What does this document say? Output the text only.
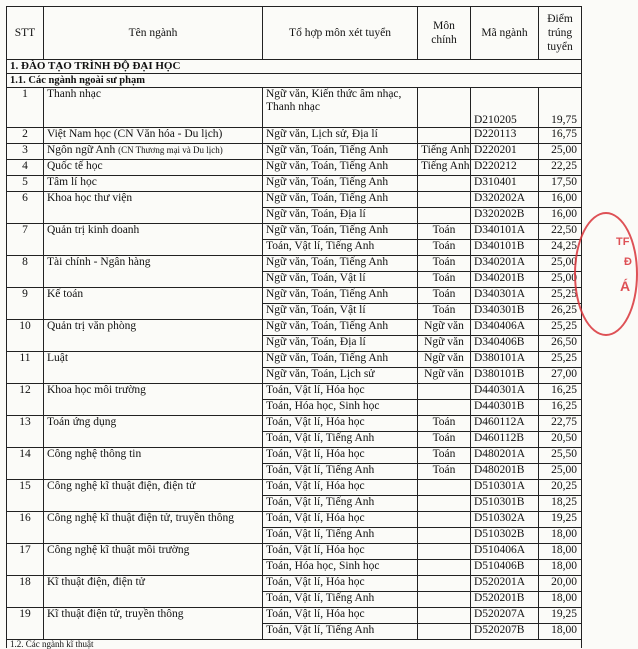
STT	Tên ngành	Tổ hợp môn xét tuyển	Môn chính	Mã ngành	Điểm trúng tuyển
1. ĐÀO TẠO TRÌNH ĐỘ ĐẠI HỌC					
1.1. Các ngành ngoài sư phạm					
1	Thanh nhạc	Ngữ văn, Kiến thức âm nhạc, Thanh nhạc		D210205	19,75
2	Việt Nam học (CN Văn hóa - Du lịch)	Ngữ văn, Lịch sử, Địa lí		D220113	16,75
3	Ngôn ngữ Anh (CN Thương mại và Du lịch)	Ngữ văn, Toán, Tiếng Anh	Tiếng Anh	D220201	25,00
4	Quốc tế học	Ngữ văn, Toán, Tiếng Anh	Tiếng Anh	D220212	22,25
5	Tâm lí học	Ngữ văn, Toán, Tiếng Anh		D310401	17,50
6	Khoa học thư viện	Ngữ văn, Toán, Tiếng Anh		D320202A	16,00
		Ngữ văn, Toán, Địa lí		D320202B	16,00
7	Quản trị kinh doanh	Ngữ văn, Toán, Tiếng Anh	Toán	D340101A	22,50
		Toán, Vật lí, Tiếng Anh	Toán	D340101B	24,25
8	Tài chính - Ngân hàng	Ngữ văn, Toán, Tiếng Anh	Toán	D340201A	25,00
		Ngữ văn, Toán, Vật lí	Toán	D340201B	25,00
9	Kế toán	Ngữ văn, Toán, Tiếng Anh	Toán	D340301A	25,25
		Ngữ văn, Toán, Vật lí	Toán	D340301B	26,25
10	Quản trị văn phòng	Ngữ văn, Toán, Tiếng Anh	Ngữ văn	D340406A	25,25
		Ngữ văn, Toán, Địa lí	Ngữ văn	D340406B	26,50
11	Luật	Ngữ văn, Toán, Tiếng Anh	Ngữ văn	D380101A	25,25
		Ngữ văn, Toán, Lịch sử	Ngữ văn	D380101B	27,00
12	Khoa học môi trường	Toán, Vật lí, Hóa học		D440301A	16,25
		Toán, Hóa học, Sinh học		D440301B	16,25
13	Toán ứng dụng	Toán, Vật lí, Hóa học	Toán	D460112A	22,75
		Toán, Vật lí, Tiếng Anh	Toán	D460112B	20,50
14	Công nghệ thông tin	Toán, Vật lí, Hóa học	Toán	D480201A	25,50
		Toán, Vật lí, Tiếng Anh	Toán	D480201B	25,00
15	Công nghệ kĩ thuật điện, điện tử	Toán, Vật lí, Hóa học		D510301A	20,25
		Toán, Vật lí, Tiếng Anh		D510301B	18,25
16	Công nghệ kĩ thuật điện tử, truyền thông	Toán, Vật lí, Hóa học		D510302A	19,25
		Toán, Vật lí, Tiếng Anh		D510302B	18,00
17	Công nghệ kĩ thuật môi trường	Toán, Vật lí, Hóa học		D510406A	18,00
		Toán, Hóa học, Sinh học		D510406B	18,00
18	Kĩ thuật điện, điện tử	Toán, Vật lí, Hóa học		D520201A	20,00
		Toán, Vật lí, Tiếng Anh		D520201B	18,00
19	Kĩ thuật điện tử, truyền thông	Toán, Vật lí, Hóa học		D520207A	19,25
		Toán, Vật lí, Tiếng Anh		D520207B	18,00
1.2. Các ngành kĩ thuật					
TF
Đ
Á
